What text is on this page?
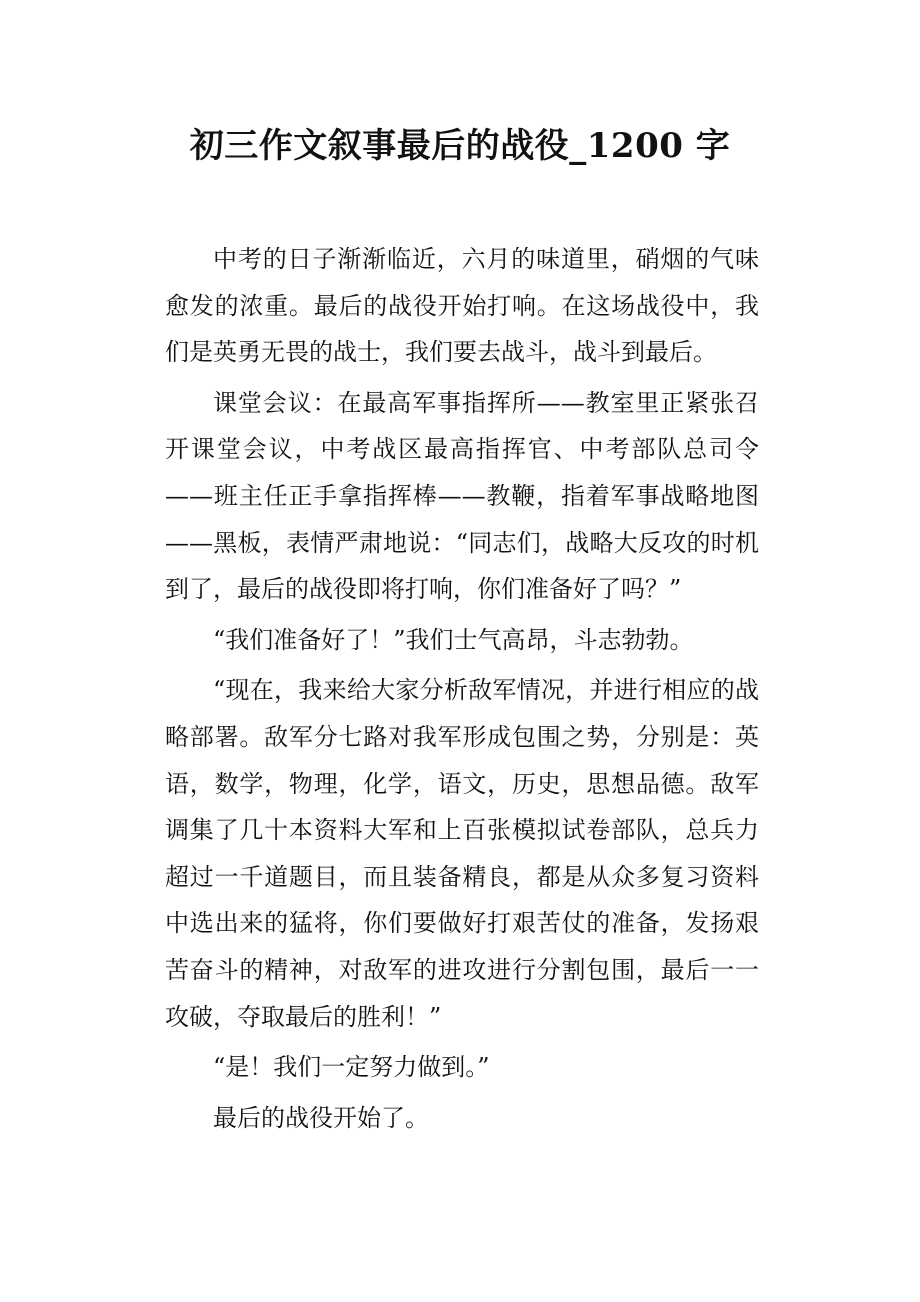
初三作文叙事最后的战役_1200 字

中考的日子渐渐临近，六月的味道里，硝烟的气味愈发的浓重。最后的战役开始打响。在这场战役中，我们是英勇无畏的战士，我们要去战斗，战斗到最后。

课堂会议：在最高军事指挥所——教室里正紧张召开课堂会议，中考战区最高指挥官、中考部队总司令——班主任正手拿指挥棒——教鞭，指着军事战略地图——黑板，表情严肃地说：“同志们，战略大反攻的时机到了，最后的战役即将打响，你们准备好了吗？”

“我们准备好了！”我们士气高昂，斗志勃勃。

“现在，我来给大家分析敌军情况，并进行相应的战略部署。敌军分七路对我军形成包围之势，分别是：英语，数学，物理，化学，语文，历史，思想品德。敌军调集了几十本资料大军和上百张模拟试卷部队，总兵力超过一千道题目，而且装备精良，都是从众多复习资料中选出来的猛将，你们要做好打艰苦仗的准备，发扬艰苦奋斗的精神，对敌军的进攻进行分割包围，最后一一攻破，夺取最后的胜利！”

“是！我们一定努力做到。”

最后的战役开始了。
